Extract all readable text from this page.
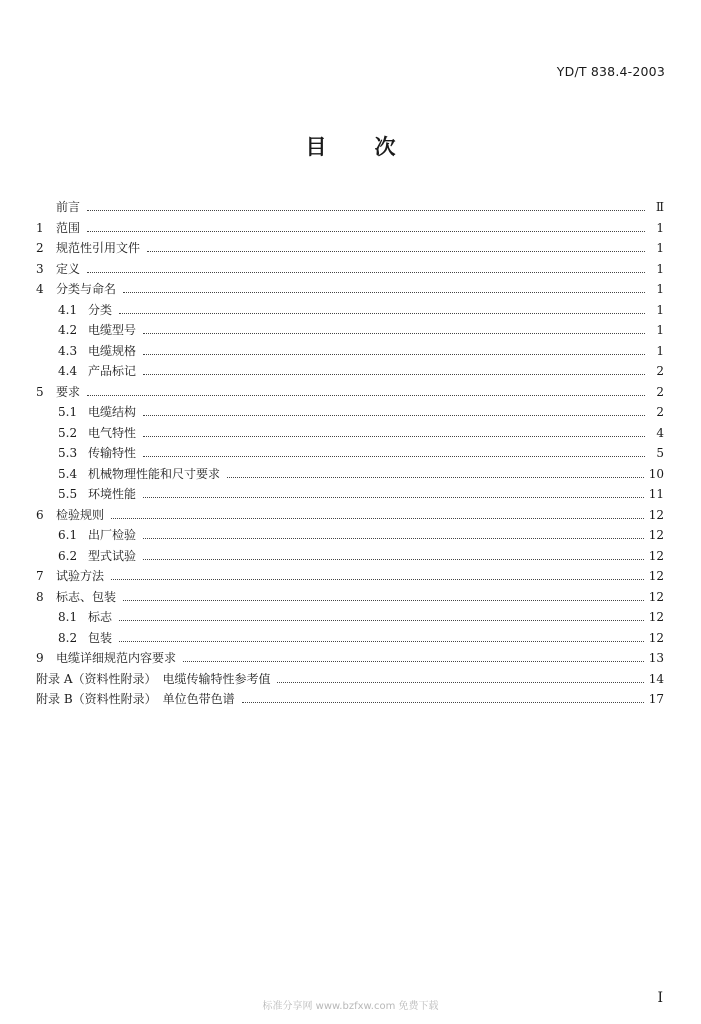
YD/T 838.4-2003
目 次
前言	Ⅱ
1	范围	1
2	规范性引用文件	1
3	定义	1
4	分类与命名	1
4.1 分类	1
4.2 电缆型号	1
4.3 电缆规格	1
4.4 产品标记	2
5	要求	2
5.1 电缆结构	2
5.2 电气特性	4
5.3 传输特性	5
5.4 机械物理性能和尺寸要求	10
5.5 环境性能	11
6	检验规则	12
6.1 出厂检验	12
6.2 型式试验	12
7	试验方法	12
8	标志、包装	12
8.1 标志	12
8.2 包装	12
9	电缆详细规范内容要求	13
附录 A（资料性附录）　电缆传输特性参考值	14
附录 B（资料性附录）　单位色带色谱	17
标准分享网 www.bzfxw.com 免费下载
I
